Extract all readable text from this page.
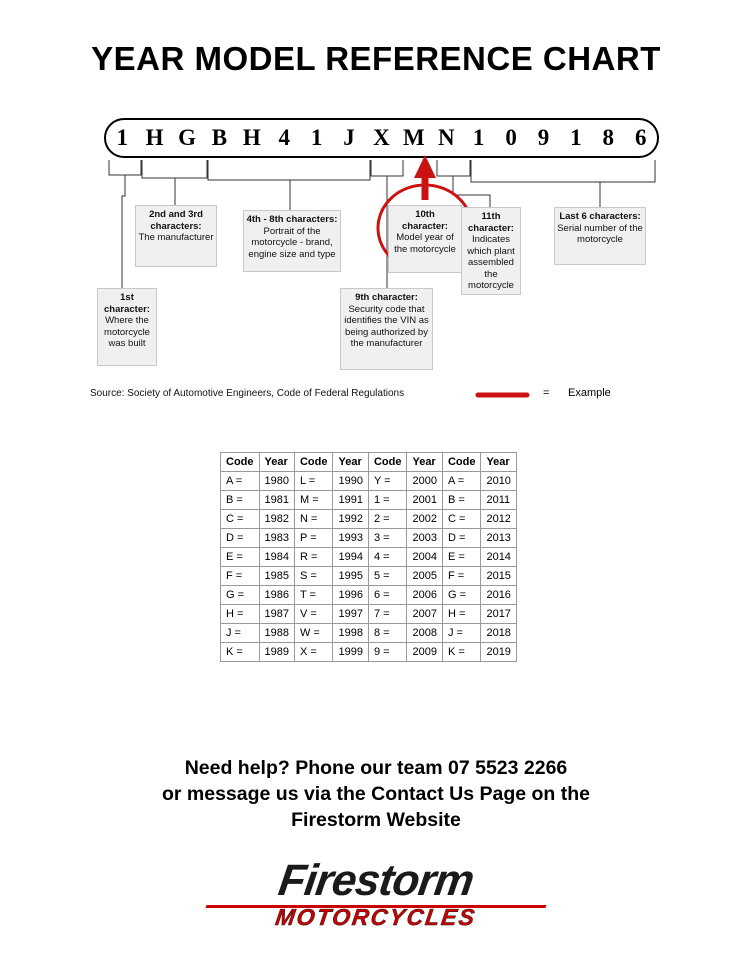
YEAR MODEL REFERENCE CHART
1 H G B H 4 1 J X M N 1 0 9 1 8 6
1st character:
Where the motorcycle was built
2nd and 3rd characters:
The manufacturer
4th - 8th characters:
Portrait of the motorcycle - brand, engine size and type
9th character:
Security code that identifies the VIN as being authorized by the manufacturer
10th character:
Model year of the motorcycle
11th character:
Indicates which plant assembled the motorcycle
Last 6 characters:
Serial number of the motorcycle
Source: Society of Automotive Engineers, Code of Federal Regulations	= Example
Code	Year	Code	Year	Code	Year	Code	Year
A =	1980	L =	1990	Y =	2000	A =	2010
B =	1981	M =	1991	1 =	2001	B =	2011
C =	1982	N =	1992	2 =	2002	C =	2012
D =	1983	P =	1993	3 =	2003	D =	2013
E =	1984	R =	1994	4 =	2004	E =	2014
F =	1985	S =	1995	5 =	2005	F =	2015
G =	1986	T =	1996	6 =	2006	G =	2016
H =	1987	V =	1997	7 =	2007	H =	2017
J =	1988	W =	1998	8 =	2008	J =	2018
K =	1989	X =	1999	9 =	2009	K =	2019
Need help? Phone our team 07 5523 2266
or message us via the Contact Us Page on the
Firestorm Website
Firestorm
MOTORCYCLES
